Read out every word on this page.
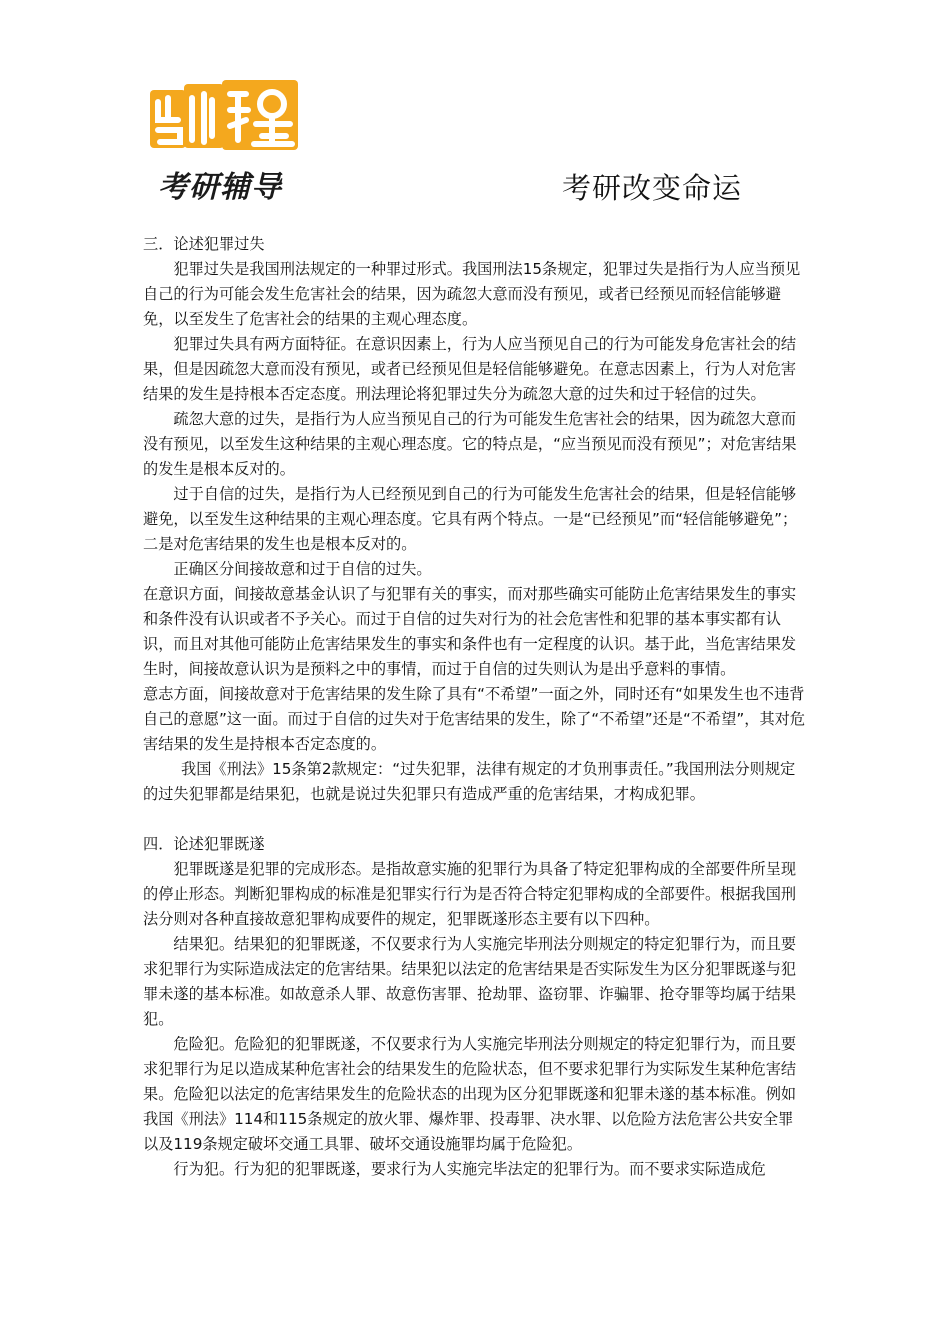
考研辅导	考研改变命运

三．论述犯罪过失

犯罪过失是我国刑法规定的一种罪过形式。我国刑法15条规定，犯罪过失是指行为人应当预见自己的行为可能会发生危害社会的结果，因为疏忽大意而没有预见，或者已经预见而轻信能够避免，以至发生了危害社会的结果的主观心理态度。

犯罪过失具有两方面特征。在意识因素上，行为人应当预见自己的行为可能发身危害社会的结果，但是因疏忽大意而没有预见，或者已经预见但是轻信能够避免。在意志因素上，行为人对危害结果的发生是持根本否定态度。刑法理论将犯罪过失分为疏忽大意的过失和过于轻信的过失。

疏忽大意的过失，是指行为人应当预见自己的行为可能发生危害社会的结果，因为疏忽大意而没有预见，以至发生这种结果的主观心理态度。它的特点是，“应当预见而没有预见”；对危害结果的发生是根本反对的。

过于自信的过失，是指行为人已经预见到自己的行为可能发生危害社会的结果，但是轻信能够避免，以至发生这种结果的主观心理态度。它具有两个特点。一是“已经预见”而“轻信能够避免”；二是对危害结果的发生也是根本反对的。

正确区分间接故意和过于自信的过失。

在意识方面，间接故意基金认识了与犯罪有关的事实，而对那些确实可能防止危害结果发生的事实和条件没有认识或者不予关心。而过于自信的过失对行为的社会危害性和犯罪的基本事实都有认识，而且对其他可能防止危害结果发生的事实和条件也有一定程度的认识。基于此，当危害结果发生时，间接故意认识为是预料之中的事情，而过于自信的过失则认为是出乎意料的事情。

意志方面，间接故意对于危害结果的发生除了具有“不希望”一面之外，同时还有“如果发生也不违背自己的意愿”这一面。而过于自信的过失对于危害结果的发生，除了“不希望”还是“不希望”，其对危害结果的发生是持根本否定态度的。

我国《刑法》15条第2款规定：“过失犯罪，法律有规定的才负刑事责任。”我国刑法分则规定的过失犯罪都是结果犯，也就是说过失犯罪只有造成严重的危害结果，才构成犯罪。

四．论述犯罪既遂

犯罪既遂是犯罪的完成形态。是指故意实施的犯罪行为具备了特定犯罪构成的全部要件所呈现的停止形态。判断犯罪构成的标准是犯罪实行行为是否符合特定犯罪构成的全部要件。根据我国刑法分则对各种直接故意犯罪构成要件的规定，犯罪既遂形态主要有以下四种。

结果犯。结果犯的犯罪既遂，不仅要求行为人实施完毕刑法分则规定的特定犯罪行为，而且要求犯罪行为实际造成法定的危害结果。结果犯以法定的危害结果是否实际发生为区分犯罪既遂与犯罪未遂的基本标准。如故意杀人罪、故意伤害罪、抢劫罪、盗窃罪、诈骗罪、抢夺罪等均属于结果犯。

危险犯。危险犯的犯罪既遂，不仅要求行为人实施完毕刑法分则规定的特定犯罪行为，而且要求犯罪行为足以造成某种危害社会的结果发生的危险状态，但不要求犯罪行为实际发生某种危害结果。危险犯以法定的危害结果发生的危险状态的出现为区分犯罪既遂和犯罪未遂的基本标准。例如我国《刑法》114和115条规定的放火罪、爆炸罪、投毒罪、决水罪、以危险方法危害公共安全罪以及119条规定破坏交通工具罪、破坏交通设施罪均属于危险犯。

行为犯。行为犯的犯罪既遂，要求行为人实施完毕法定的犯罪行为。而不要求实际造成危
